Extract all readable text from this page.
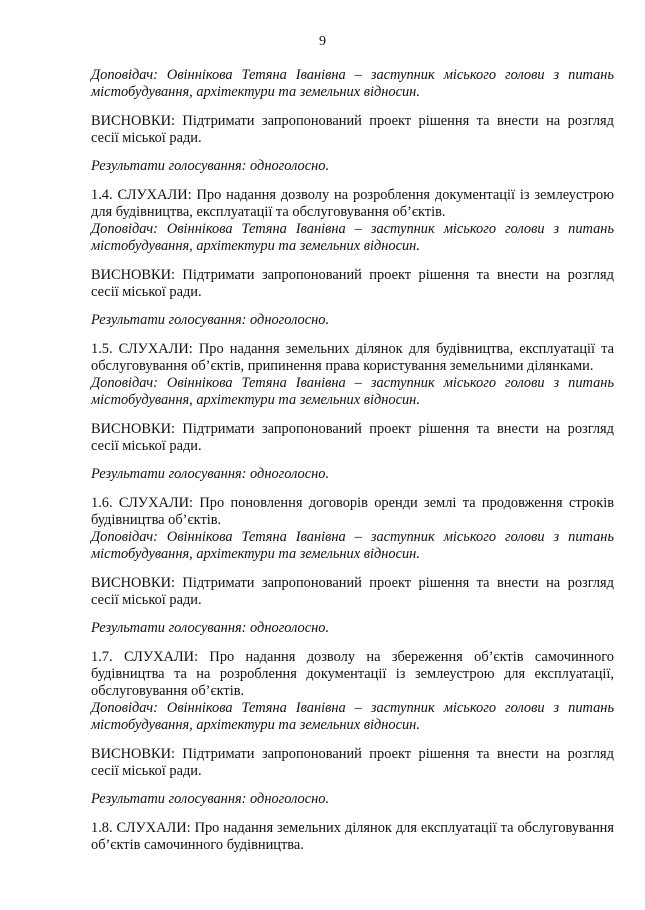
9

Доповідач: Овіннікова Тетяна Іванівна – заступник міського голови з питань містобудування, архітектури та земельних відносин.

ВИСНОВКИ: Підтримати запропонований проект рішення та внести на розгляд сесії міської ради.

Результати голосування: одноголосно.

1.4. СЛУХАЛИ: Про надання дозволу на розроблення документації із землеустрою для будівництва, експлуатації та обслуговування об’єктів.

Доповідач: Овіннікова Тетяна Іванівна – заступник міського голови з питань містобудування, архітектури та земельних відносин.

ВИСНОВКИ: Підтримати запропонований проект рішення та внести на розгляд сесії міської ради.

Результати голосування: одноголосно.

1.5. СЛУХАЛИ: Про надання земельних ділянок для будівництва, експлуатації та обслуговування об’єктів, припинення права користування земельними ділянками.

Доповідач: Овіннікова Тетяна Іванівна – заступник міського голови з питань містобудування, архітектури та земельних відносин.

ВИСНОВКИ: Підтримати запропонований проект рішення та внести на розгляд сесії міської ради.

Результати голосування: одноголосно.

1.6. СЛУХАЛИ: Про поновлення договорів оренди землі та продовження строків будівництва об’єктів.

Доповідач: Овіннікова Тетяна Іванівна – заступник міського голови з питань містобудування, архітектури та земельних відносин.

ВИСНОВКИ: Підтримати запропонований проект рішення та внести на розгляд сесії міської ради.

Результати голосування: одноголосно.

1.7. СЛУХАЛИ: Про надання дозволу на збереження об’єктів самочинного будівництва та на розроблення документації із землеустрою для експлуатації, обслуговування об’єктів.

Доповідач: Овіннікова Тетяна Іванівна – заступник міського голови з питань містобудування, архітектури та земельних відносин.

ВИСНОВКИ: Підтримати запропонований проект рішення та внести на розгляд сесії міської ради.

Результати голосування: одноголосно.

1.8. СЛУХАЛИ: Про надання земельних ділянок для експлуатації та обслуговування об’єктів самочинного будівництва.
